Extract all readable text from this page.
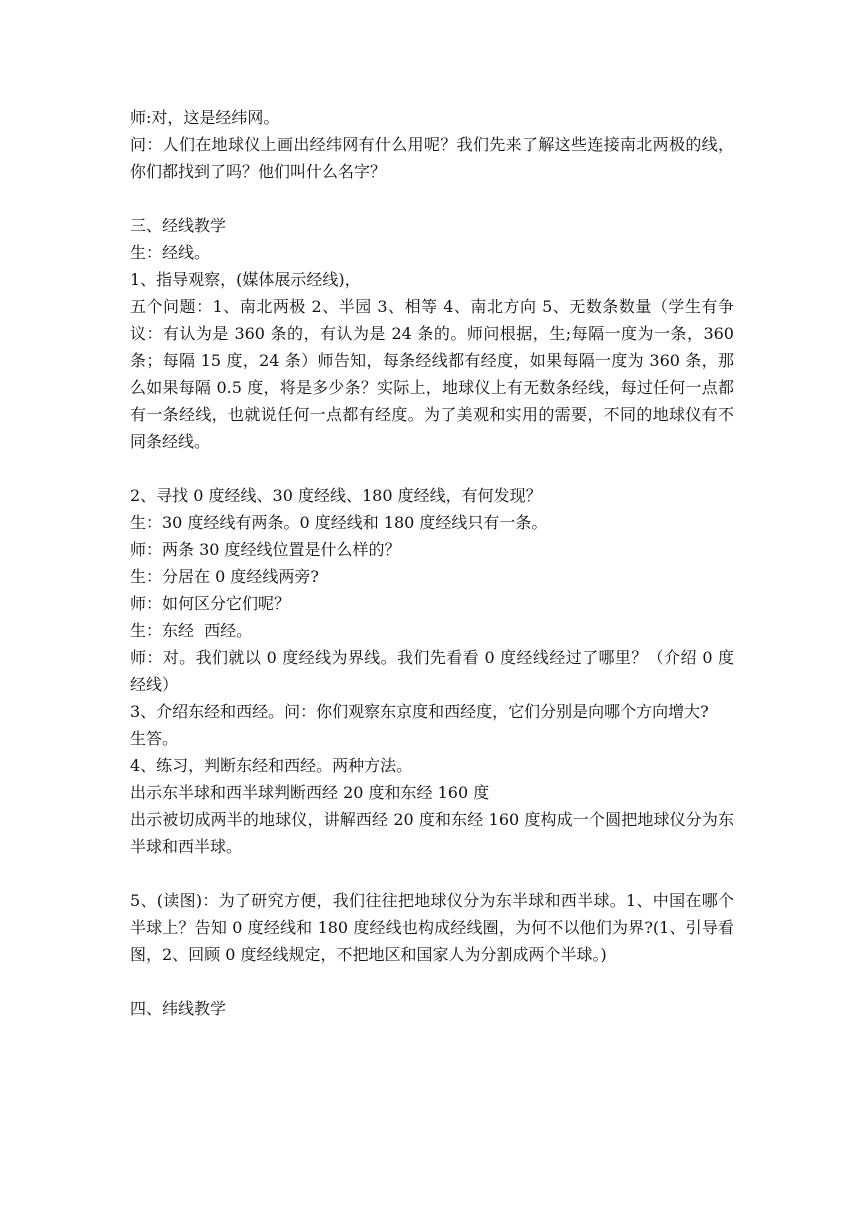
师:对，这是经纬网。

问：人们在地球仪上画出经纬网有什么用呢？我们先来了解这些连接南北两极的线，你们都找到了吗？他们叫什么名字？

三、经线教学

生：经线。

1、指导观察，(媒体展示经线)，

五个问题：1、南北两极 2、半园 3、相等 4、南北方向 5、无数条数量（学生有争议：有认为是 360 条的，有认为是 24 条的。师问根据，生;每隔一度为一条，360 条；每隔 15 度，24 条）师告知，每条经线都有经度，如果每隔一度为 360 条，那么如果每隔 0.5 度，将是多少条？实际上，地球仪上有无数条经线，每过任何一点都有一条经线，也就说任何一点都有经度。为了美观和实用的需要，不同的地球仪有不同条经线。

2、寻找 0 度经线、30 度经线、180 度经线，有何发现？

生：30 度经线有两条。0 度经线和 180 度经线只有一条。

师：两条 30 度经线位置是什么样的？

生：分居在 0 度经线两旁?

师：如何区分它们呢？

生：东经  西经。

师：对。我们就以 0 度经线为界线。我们先看看 0 度经线经过了哪里？（介绍 0 度经线）

3、介绍东经和西经。问：你们观察东京度和西经度，它们分别是向哪个方向增大?

生答。

4、练习，判断东经和西经。两种方法。

出示东半球和西半球判断西经 20 度和东经 160 度

出示被切成两半的地球仪，讲解西经 20 度和东经 160 度构成一个圆把地球仪分为东半球和西半球。

5、(读图)：为了研究方便，我们往往把地球仪分为东半球和西半球。1、中国在哪个半球上？告知 0 度经线和 180 度经线也构成经线圈，为何不以他们为界?(1、引导看图，2、回顾 0 度经线规定，不把地区和国家人为分割成两个半球。)

四、纬线教学
